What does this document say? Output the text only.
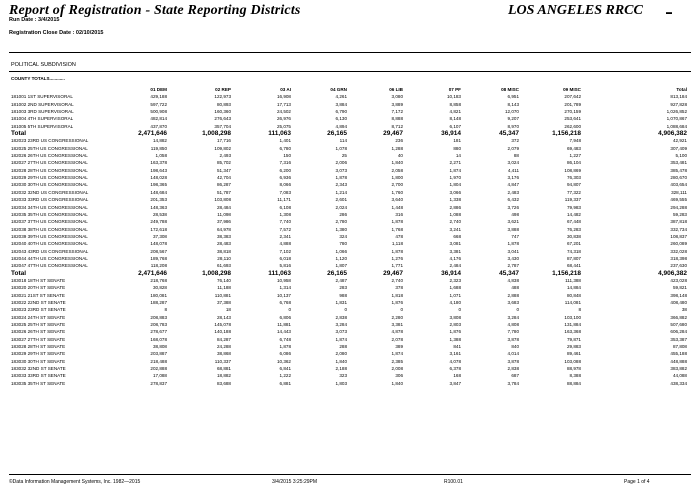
Report of Registration - State Reporting Districts	LOS ANGELES RRCC	▬
Run Date : 3/4/2015
Registration Close Date : 02/10/2015
POLITICAL SUBDIVISION
COUNTY TOTALS............
	01 DEM	02 REP	03 AI	04 GRN	06 LIB	07 PF	08 MISC	09 MISC	Total
181001 1ST SUPERVISORAL	429,188	122,973	16,908	4,261	3,080	10,183	6,951	207,642	813,184
181002 2ND SUPERVISORAL	597,722	80,893	17,713	3,884	3,889	8,858	8,143	201,789	927,828
181003 3RD SUPERVISORAL	500,908	160,360	24,502	6,790	7,172	4,821	12,070	270,159	1,026,852
181004 4TH SUPERVISORAL	482,814	276,643	26,976	6,130	8,888	8,148	9,207	253,641	1,070,867
181005 5TH SUPERVISORAL	437,870	357,704	25,075	4,894	8,712	6,107	8,970	262,600	1,088,684
Total	2,471,646	1,008,298	111,063	26,165	29,467	36,914	45,347	1,156,218	4,906,382
182023 23RD US CONGRESSIONAL	14,882	17,716	1,401	114	236	181	372	7,948	42,921
182025 25TH US CONGRESSIONAL	119,850	109,802	6,780	1,078	1,288	880	2,079	69,483	307,409
182026 26TH US CONGRESSIONAL	1,058	2,493	150	25	40	14	88	1,227	5,100
182027 27TH US CONGRESSIONAL	163,378	85,702	7,316	2,006	1,840	2,271	3,024	86,104	353,481
182028 28TH US CONGRESSIONAL	198,643	51,347	6,200	3,073	2,058	1,874	4,411	108,869	385,478
182029 29TH US CONGRESSIONAL	148,028	42,704	6,936	1,878	1,800	1,970	3,176	76,303	280,670
182030 30TH US CONGRESSIONAL	198,365	86,287	8,066	2,343	2,700	1,804	4,847	94,807	403,654
182032 32ND US CONGRESSIONAL	148,684	51,787	7,083	1,214	1,760	3,066	2,483	77,322	328,111
182033 33RD US CONGRESSIONAL	201,353	103,808	11,171	2,601	3,640	1,338	6,432	119,337	469,555
182034 34TH US CONGRESSIONAL	148,363	28,484	6,108	2,024	1,448	2,886	3,726	79,983	294,288
182035 35TH US CONGRESSIONAL	28,538	11,098	1,308	286	316	1,088	498	14,482	59,283
182037 37TH US CONGRESSIONAL	249,788	37,986	7,740	2,780	1,878	2,740	3,621	67,448	387,818
182038 38TH US CONGRESSIONAL	172,618	64,978	7,572	1,380	1,768	3,241	3,888	76,283	332,734
182039 39TH US CONGRESSIONAL	37,308	38,383	2,341	324	478	668	747	30,838	108,837
182040 40TH US CONGRESSIONAL	148,078	28,483	4,888	780	1,118	3,081	1,878	67,201	260,089
182043 43RD US CONGRESSIONAL	208,567	38,818	7,102	1,066	1,878	3,381	3,041	74,318	332,028
182044 44TH US CONGRESSIONAL	189,768	28,110	6,018	1,120	1,276	4,176	3,430	87,807	318,398
182047 47TH US CONGRESSIONAL	118,208	61,693	5,816	1,807	1,771	2,484	2,787	68,441	237,630
Total	2,471,646	1,008,298	111,063	26,165	29,467	36,914	45,347	1,156,218	4,906,382
183018 18TH ST SENATE	218,768	76,140	10,958	2,487	2,740	2,323	4,838	111,388	423,028
183020 20TH ST SENATE	30,828	11,188	1,314	283	378	1,688	488	14,884	59,821
183021 21ST ST SENATE	180,081	110,881	10,137	988	1,818	1,071	2,888	80,848	398,148
183022 22ND ST SENATE	188,287	37,388	6,768	1,831	1,876	4,180	3,683	114,081	408,480
183023 23RD ST SENATE	8	18	0	0	0	0	0	8	38
183024 24TH ST SENATE	208,883	28,143	6,806	2,838	2,280	3,808	3,284	103,100	366,882
183025 25TH ST SENATE	208,783	145,078	11,881	3,284	3,381	2,803	4,808	131,884	507,680
183026 26TH ST SENATE	278,677	140,188	14,443	3,073	4,878	1,876	7,780	163,368	606,284
183027 27TH ST SENATE	168,078	84,287	6,748	1,874	2,078	1,388	3,878	79,871	353,387
183028 28TH ST SENATE	38,808	24,288	1,878	288	389	841	840	29,883	87,808
183029 29TH ST SENATE	203,887	38,868	6,086	2,080	1,874	3,161	4,014	89,461	455,188
183030 30TH ST SENATE	218,488	110,337	10,362	1,840	2,385	4,078	3,878	103,088	448,888
183032 32ND ST SENATE	202,888	68,881	6,841	2,188	2,008	6,378	2,838	88,978	383,882
183033 33RD ST SENATE	17,088	18,882	1,222	323	306	168	687	8,388	44,088
183035 35TH ST SENATE	278,837	83,688	6,881	1,803	1,840	3,847	3,784	88,884	438,334
©Data Information Management Systems, Inc. 1982—2015	3/4/2015 3:25:29PM	R100.01	Page 1 of 4
